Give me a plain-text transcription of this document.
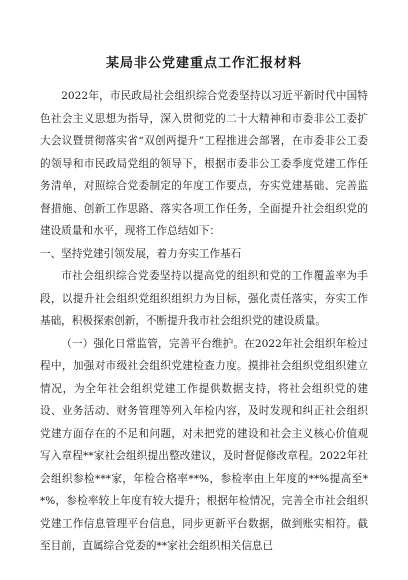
某局非公党建重点工作汇报材料

2022年，市民政局社会组织综合党委坚持以习近平新时代中国特色社会主义思想为指导，深入贯彻党的二十大精神和市委非公工委扩大会议暨贯彻落实省“双创两提升”工程推进会部署，在市委非公工委的领导和市民政局党组的领导下，根据市委非公工委季度党建工作任务清单，对照综合党委制定的年度工作要点，夯实党建基础、完善监督措施、创新工作思路、落实各项工作任务，全面提升社会组织党的建设质量和水平，现将工作总结如下：

一、坚持党建引领发展，着力夯实工作基石

市社会组织综合党委坚持以提高党的组织和党的工作覆盖率为手段，以提升社会组织党组织组织力为目标，强化责任落实，夯实工作基础，积极探索创新，不断提升我市社会组织党的建设质量。

（一）强化日常监管，完善平台维护。在2022年社会组织年检过程中，加强对市级社会组织党建检查力度。摸排社会组织党组织建立情况，为全年社会组织党建工作提供数据支持，将社会组织党的建设、业务活动、财务管理等列入年检内容，及时发现和纠正社会组织党建方面存在的不足和问题，对未把党的建设和社会主义核心价值观写入章程**家社会组织提出整改建议，及时督促修改章程。2022年社会组织参检***家，年检合格率**%，参检率由上年度的**%提高至**%，参检率较上年度有较大提升；根据年检情况，完善全市社会组织党建工作信息管理平台信息，同步更新平台数据，做到账实相符。截至目前，直属综合党委的**家社会组织相关信息已
